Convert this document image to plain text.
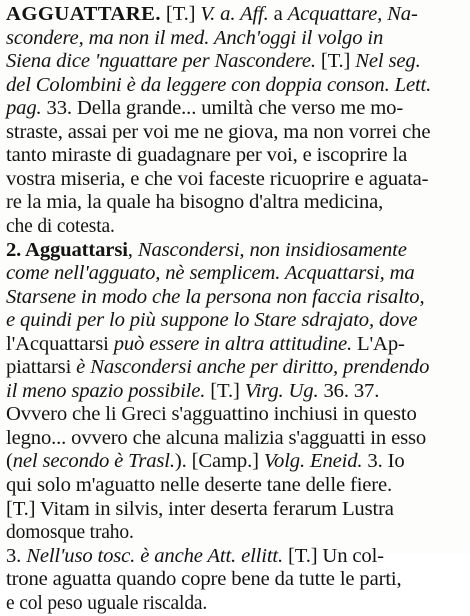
AGGUATTARE. [T.] V. a. Aff. a Acquattare, Na-
scondere, ma non il med. Anch'oggi il volgo in
Siena dice 'nguattare per Nascondere. [T.] Nel seg.
del Colombini è da leggere con doppia conson. Lett.
pag. 33. Della grande... umiltà che verso me mo-
straste, assai per voi me ne giova, ma non vorrei che
tanto miraste di guadagnare per voi, e iscoprire la
vostra miseria, e che voi faceste ricuoprire e aguata-
re la mia, la quale ha bisogno d'altra medicina,
che di cotesta.
2. Agguattarsi, Nascondersi, non insidiosamente
come nell'agguato, nè semplicem. Acquattarsi, ma
Starsene in modo che la persona non faccia risalto,
e quindi per lo più suppone lo Stare sdrajato, dove
l'Acquattarsi può essere in altra attitudine. L'Ap-
piattarsi è Nascondersi anche per diritto, prendendo
il meno spazio possibile. [T.] Virg. Ug. 36. 37.
Ovvero che li Greci s'agguattino inchiusi in questo
legno... ovvero che alcuna malizia s'agguatti in esso
(nel secondo è Trasl.). [Camp.] Volg. Eneid. 3. Io
qui solo m'aguatto nelle deserte tane delle fiere.
[T.] Vitam in silvis, inter deserta ferarum Lustra
domosque traho.
3. Nell'uso tosc. è anche Att. ellitt. [T.] Un col-
trone aguatta quando copre bene da tutte le parti,
e col peso uguale riscalda.
